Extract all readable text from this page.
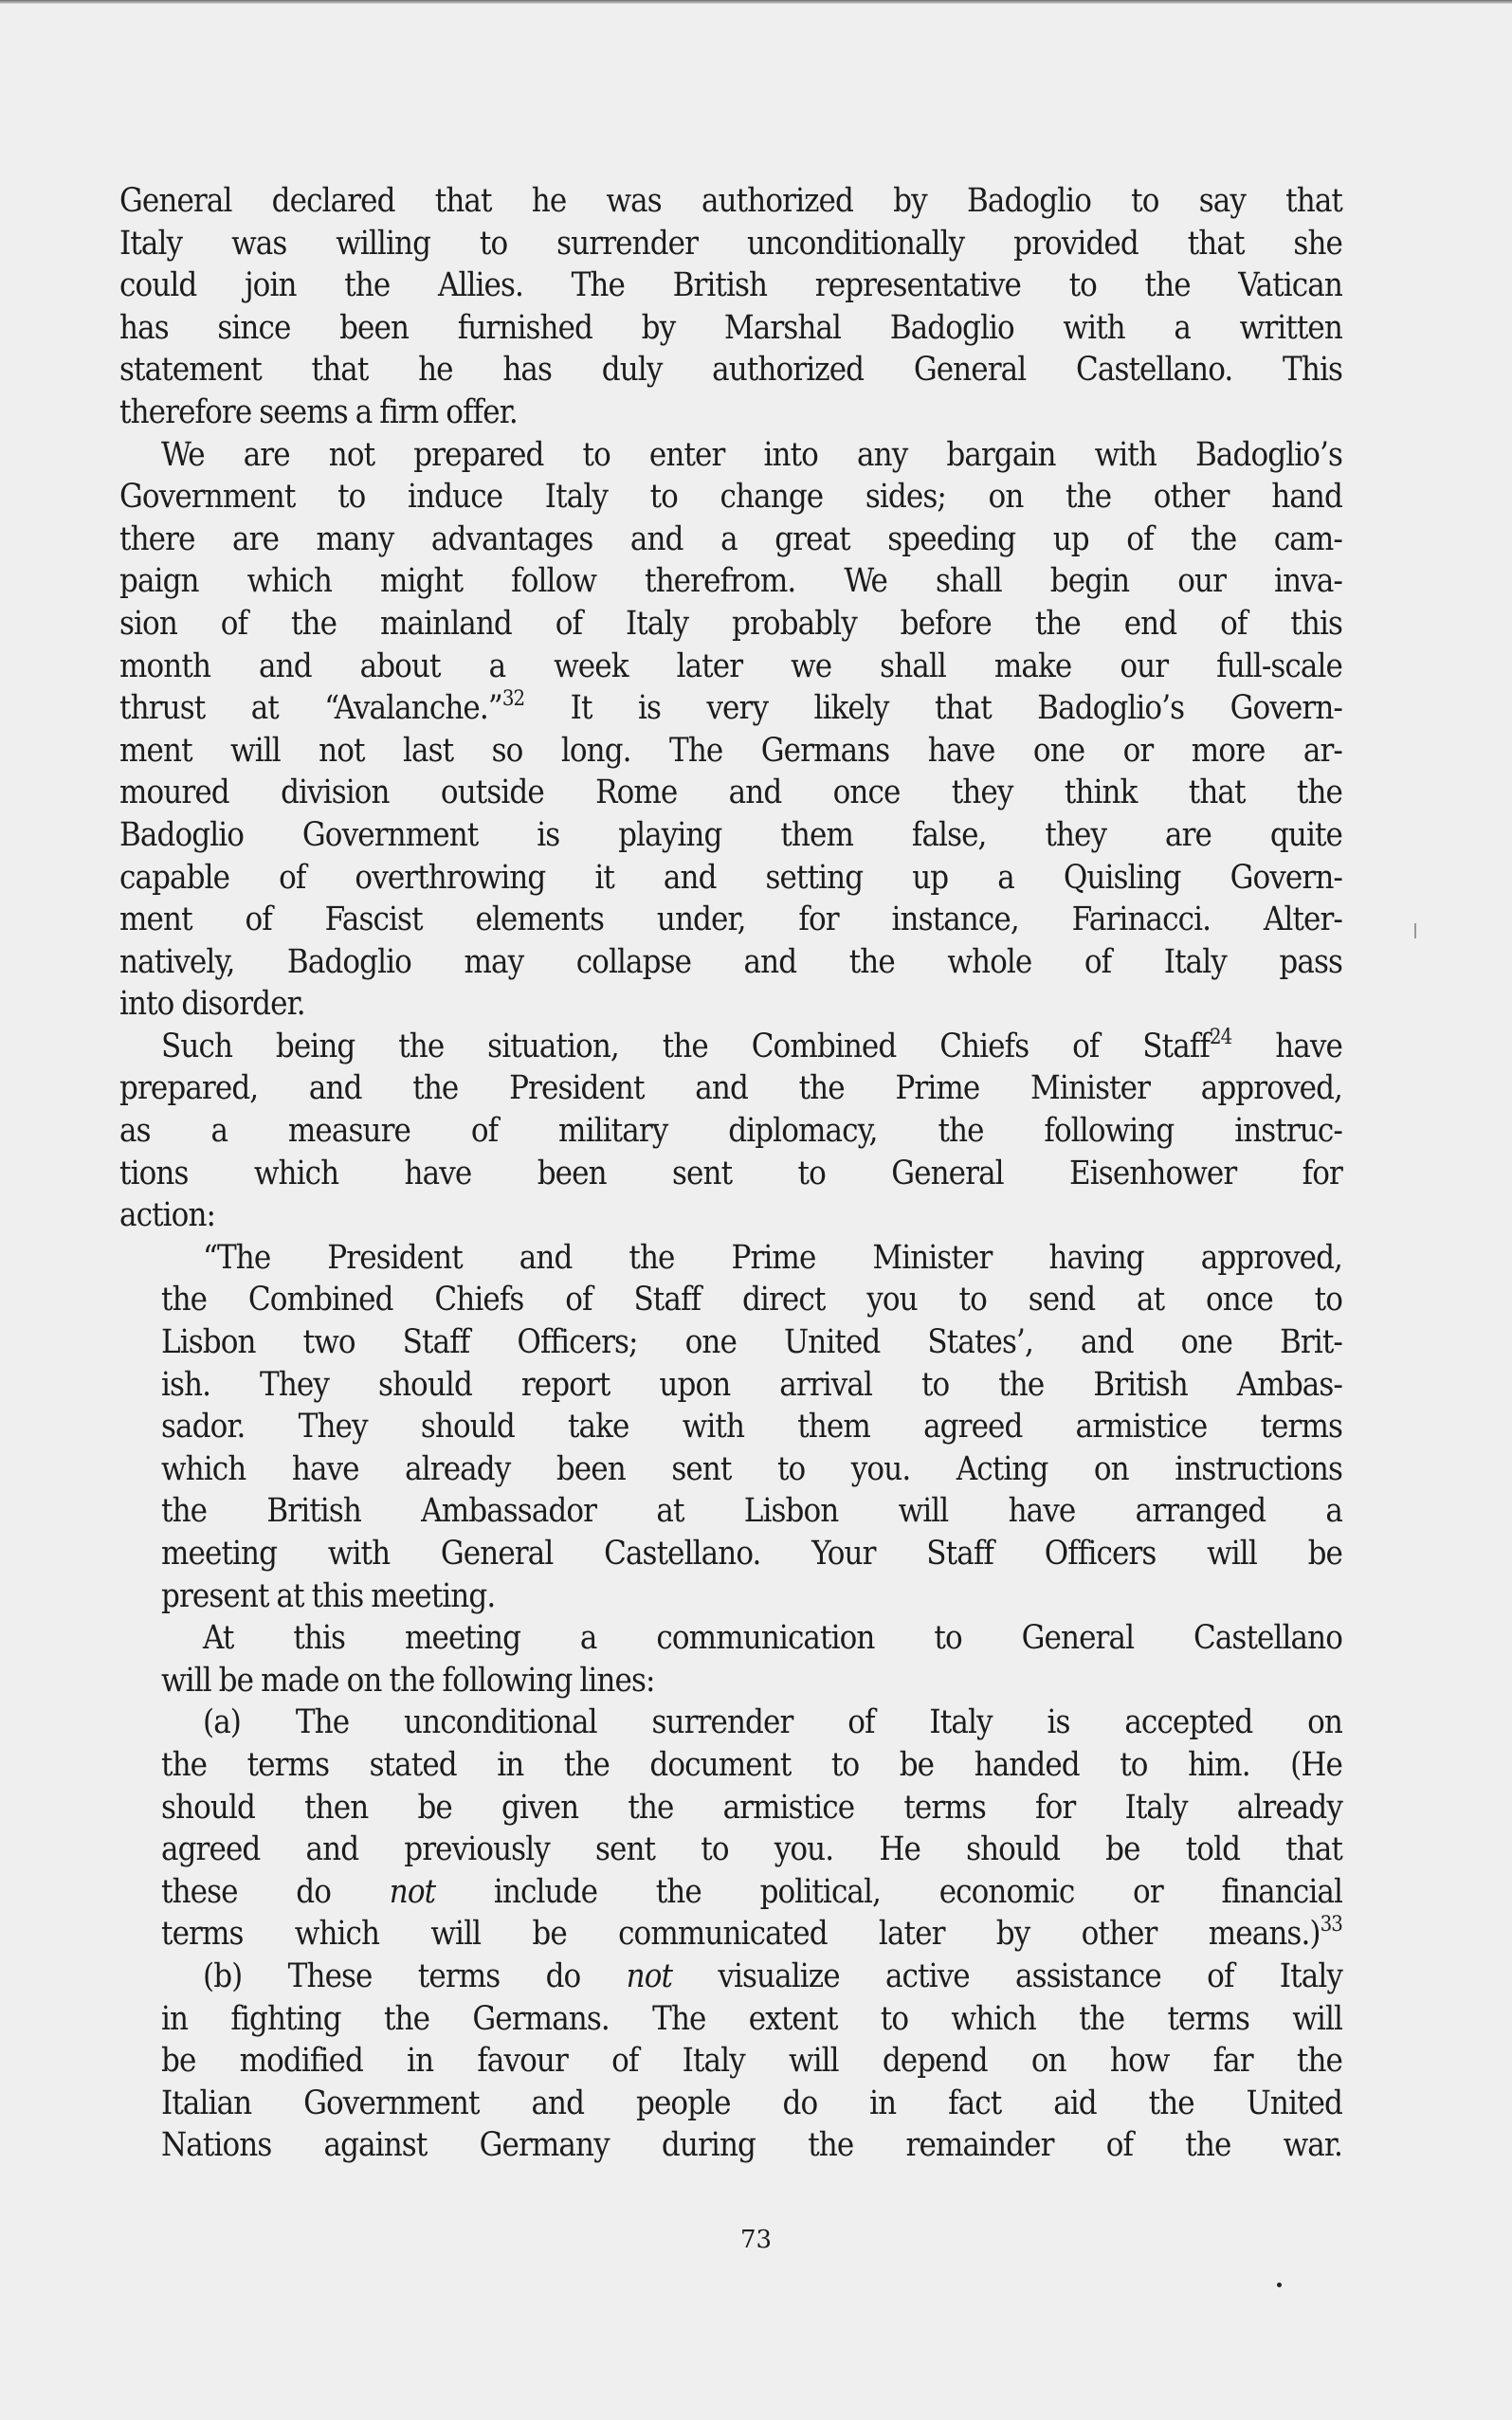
General declared that he was authorized by Badoglio to say that
Italy was willing to surrender unconditionally provided that she
could join the Allies. The British representative to the Vatican
has since been furnished by Marshal Badoglio with a written
statement that he has duly authorized General Castellano. This
therefore seems a firm offer.
We are not prepared to enter into any bargain with Badoglio’s
Government to induce Italy to change sides; on the other hand
there are many advantages and a great speeding up of the cam-
paign which might follow therefrom. We shall begin our inva-
sion of the mainland of Italy probably before the end of this
month and about a week later we shall make our full-scale
thrust at “Avalanche.”$^{32}$ It is very likely that Badoglio’s Govern-
ment will not last so long. The Germans have one or more ar-
moured division outside Rome and once they think that the
Badoglio Government is playing them false, they are quite
capable of overthrowing it and setting up a Quisling Govern-
ment of Fascist elements under, for instance, Farinacci. Alter-
natively, Badoglio may collapse and the whole of Italy pass
into disorder.
Such being the situation, the Combined Chiefs of Staff$^{24}$ have
prepared, and the President and the Prime Minister approved,
as a measure of military diplomacy, the following instruc-
tions which have been sent to General Eisenhower for
action:
“The President and the Prime Minister having approved,
the Combined Chiefs of Staff direct you to send at once to
Lisbon two Staff Officers; one United States’, and one Brit-
ish. They should report upon arrival to the British Ambas-
sador. They should take with them agreed armistice terms
which have already been sent to you. Acting on instructions
the British Ambassador at Lisbon will have arranged a
meeting with General Castellano. Your Staff Officers will be
present at this meeting.
At this meeting a communication to General Castellano
will be made on the following lines:
(a) The unconditional surrender of Italy is accepted on
the terms stated in the document to be handed to him. (He
should then be given the armistice terms for Italy already
agreed and previously sent to you. He should be told that
these do not include the political, economic or financial
terms which will be communicated later by other means.)$^{33}$
(b) These terms do not visualize active assistance of Italy
in fighting the Germans. The extent to which the terms will
be modified in favour of Italy will depend on how far the
Italian Government and people do in fact aid the United
Nations against Germany during the remainder of the war.
73
